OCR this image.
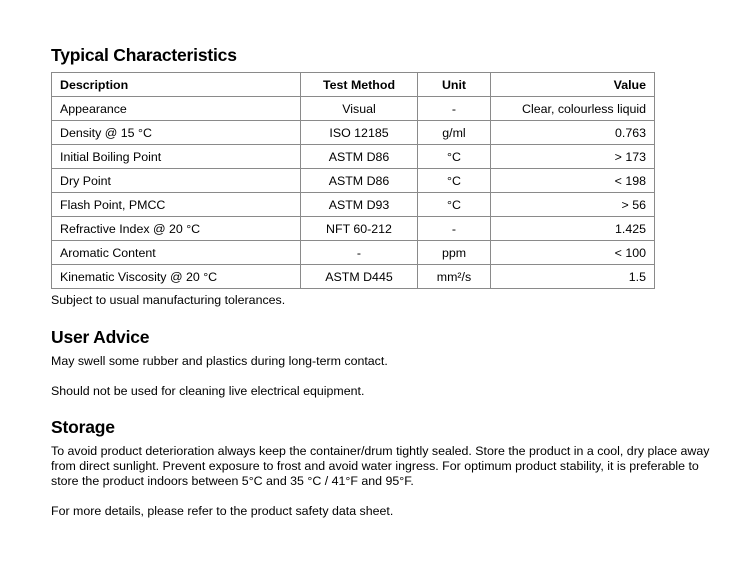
Typical Characteristics
Description	Test Method	Unit	Value
Appearance	Visual	-	Clear, colourless liquid
Density @ 15 °C	ISO 12185	g/ml	0.763
Initial Boiling Point	ASTM D86	°C	> 173
Dry Point	ASTM D86	°C	< 198
Flash Point, PMCC	ASTM D93	°C	> 56
Refractive Index @ 20 °C	NFT 60-212	-	1.425
Aromatic Content	-	ppm	< 100
Kinematic Viscosity @ 20 °C	ASTM D445	mm²/s	1.5

Subject to usual manufacturing tolerances.

User Advice

May swell some rubber and plastics during long-term contact.

Should not be used for cleaning live electrical equipment.

Storage

To avoid product deterioration always keep the container/drum tightly sealed. Store the product in a cool, dry place away from direct sunlight. Prevent exposure to frost and avoid water ingress. For optimum product stability, it is preferable to store the product indoors between 5°C and 35 °C / 41°F and 95°F.

For more details, please refer to the product safety data sheet.
